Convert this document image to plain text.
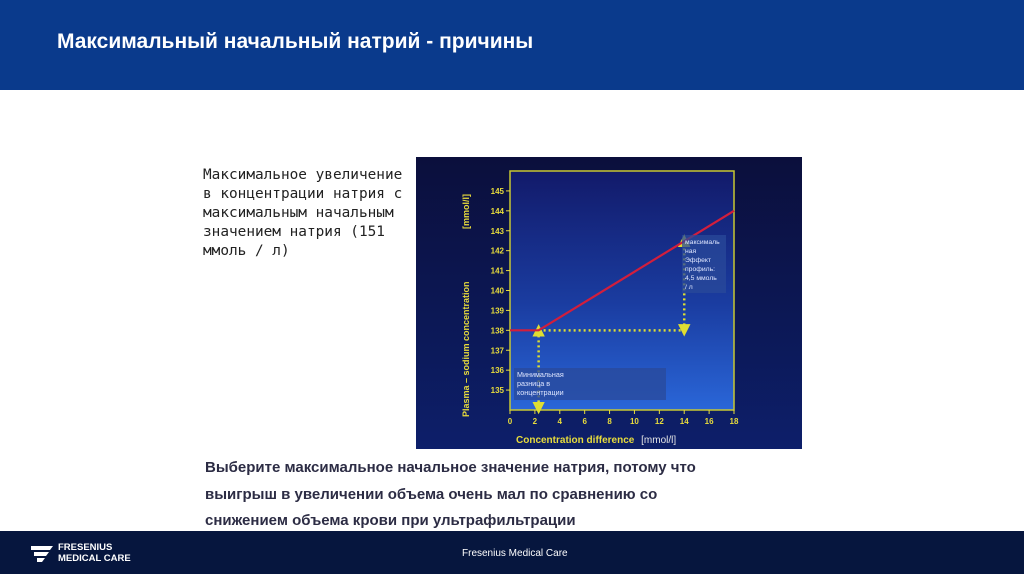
Максимальный начальный натрий - причины
Максимальное увеличение
в концентрации натрия с
максимальным начальным
значением натрия (151
ммоль / л)
0	2	4	6	8 10 12 14 16 18
135
136
137
138
139
140
141
142
143
144
145
максималь
ная
Эффект
профиль:
4,5 ммоль
/ л
Минимальная
разница в
концентрации
Concentration difference [mmol/l]
Plasma – sodium concentration
[mmol/l]
Выберите максимальное начальное значение натрия, потому что
выигрыш в увеличении объема очень мал по сравнению со
снижением объема крови при ультрафильтрации
FRESENIUS
MEDICAL CARE	Fresenius Medical Care
